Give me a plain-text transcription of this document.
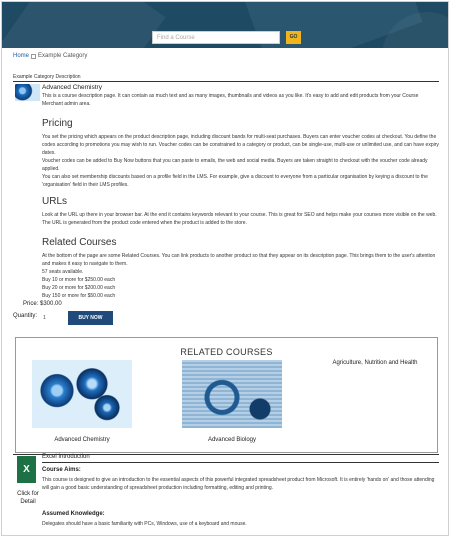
Find a Course	GO
Home Example Category
Example Category Description
Advanced Chemistry
This is a course description page. It can contain as much text and as many images, thumbnails and videos as you like. It's easy to add and edit products from your Course Merchant admin area.
Pricing

You set the pricing which appears on the product description page, including discount bands for multi-seat purchases. Buyers can enter voucher codes at checkout. You define the codes according to promotions you may wish to run. Voucher codes can be constrained to a category or product, can be single-use, multi-use or unlimited use, and can have expiry dates.

Voucher codes can be added to Buy Now buttons that you can paste to emails, the web and social media. Buyers are taken straight to checkout with the voucher code already applied.

You can also set membership discounts based on a profile field in the LMS. For example, give a discount to everyone from a particular organisation by keying a discount to the 'organisation' field in their LMS profiles.

URLs

Look at the URL up there in your browser bar. At the end it contains keywords relevant to your course. This is great for SEO and helps make your courses more visible on the web. The URL is generated from the product code entered when the product is added to the store.

Related Courses

At the bottom of the page are some Related Courses. You can link products to another product so that they appear on its description page. This brings them to the user's attention and makes it easy to navigate to them.

57 seats available.

Buy 10 or more for $250.00 each

Buy 20 or more for $200.00 each

Buy 150 or more for $50.00 each

Price: $300.00
Quantity:	1	BUY NOW
RELATED COURSES
Advanced Chemistry	Advanced Biology
Agriculture, Nutrition and Health
X
Click for Detail
Excel Introduction
Course Aims:

This course is designed to give an introduction to the essential aspects of this powerful integrated spreadsheet product from Microsoft. It is entirely 'hands on' and those attending will gain a good basic understanding of spreadsheet production including formatting, editing and printing.

Assumed Knowledge:

Delegates should have a basic familiarity with PCs, Windows, use of a keyboard and mouse.
